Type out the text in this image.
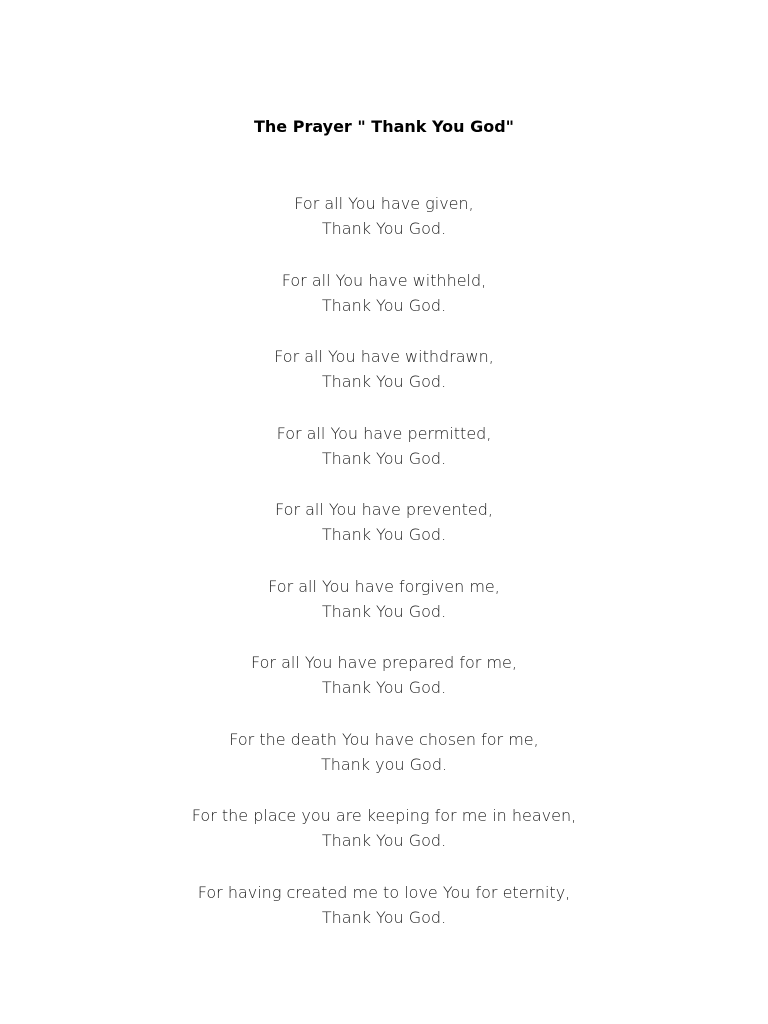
The Prayer " Thank You God"
For all You have given,
Thank You God.
For all You have withheld,
Thank You God.
For all You have withdrawn,
Thank You God.
For all You have permitted,
Thank You God.
For all You have prevented,
Thank You God.
For all You have forgiven me,
Thank You God.
For all You have prepared for me,
Thank You God.
For the death You have chosen for me,
Thank you God.
For the place you are keeping for me in heaven,
Thank You God.
For having created me to love You for eternity,
Thank You God.
